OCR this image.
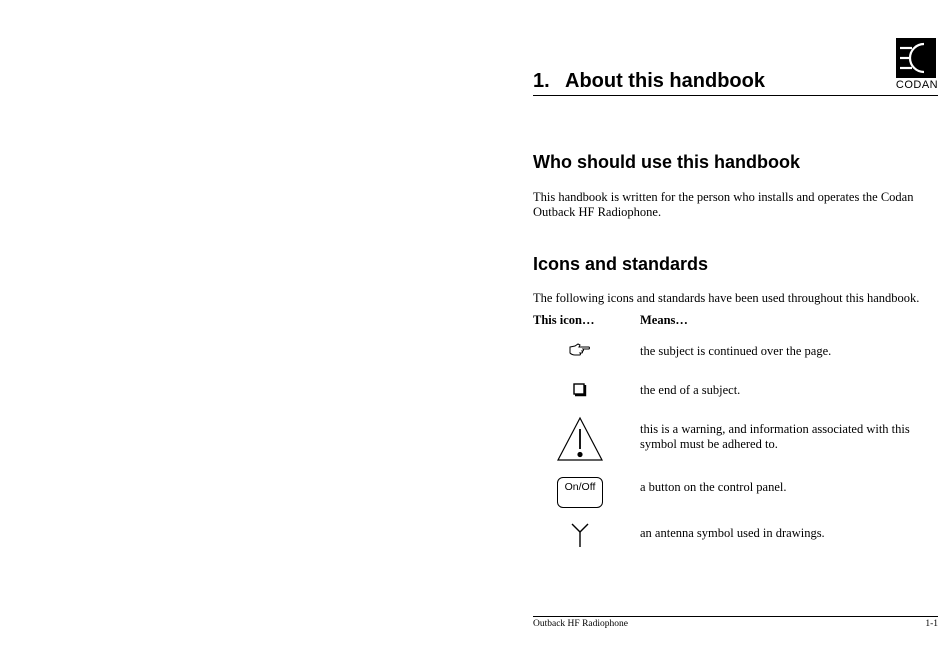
CODAN
1. About this handbook
Who should use this handbook

This handbook is written for the person who installs and operates the Codan Outback HF Radiophone.

Icons and standards

The following icons and standards have been used throughout this handbook.

This icon…	Means…

the subject is continued over the page.

the end of a subject.

this is a warning, and information associated with this symbol must be adhered to.

On/Off	a button on the control panel.

an antenna symbol used in drawings.

Outback HF Radiophone	1-1
